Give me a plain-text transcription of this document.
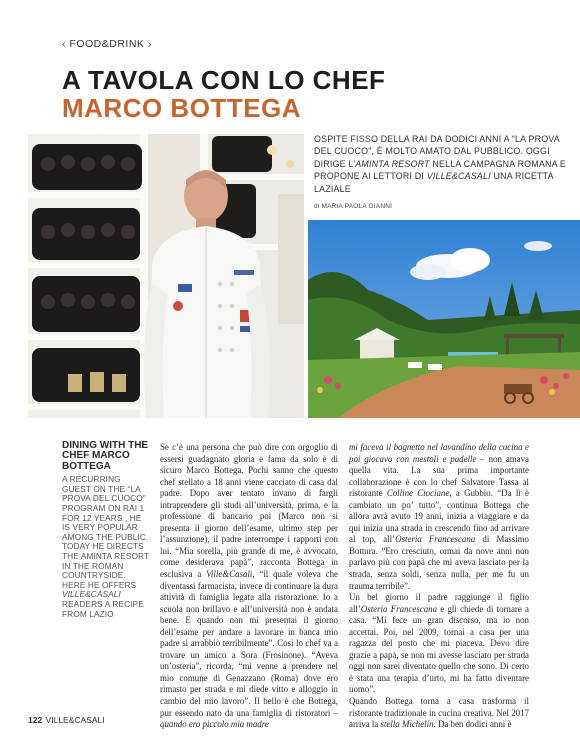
‹ FOOD&DRINK ›
A TAVOLA CON LO CHEF
MARCO BOTTEGA
OSPITE FISSO DELLA RAI DA DODICI ANNI A “LA PROVA DEL CUOCO”, È MOLTO AMATO DAL PUBBLICO. OGGI DIRIGE L’AMINTA RESORT NELLA CAMPAGNA ROMANA E PROPONE AI LETTORI DI VILLE&CASALI UNA RICETTA LAZIALE
di MARIA PAOLA GIANNI
DINING WITH THE CHEF MARCO BOTTEGA
A RECURRING GUEST ON THE “LA PROVA DEL CUOCO” PROGRAM ON RAI 1 FOR 12 YEARS , HE IS VERY POPULAR AMONG THE PUBLIC. TODAY HE DIRECTS THE AMINTA RESORT IN THE ROMAN COUNTRYSIDE. HERE HE OFFERS VILLE&CASALI READERS A RECIPE FROM LAZIO

Se c’è una persona che può dire con orgoglio di essersi guadagnato gloria e fama da solo è di sicuro Marco Bottega. Pochi sanno che questo chef stellato a 18 anni viene cacciato di casa dal padre. Dopo aver tentato invano di fargli intraprendere gli studi all’università, prima, e la professione di bancario poi (Marco non si presenta il giorno dell’esame, ultimo step per l’assunzione), il padre interrompe i rapporti con lui. “Mia sorella, più grande di me, è avvocato, come desiderava papà”, racconta Bottega in esclusiva a Ville&Casali, “il quale voleva che diventassi farmacista, invece di continuare la dura attività di famiglia legata alla ristorazione. Io a scuola non brillavo e all’università non è andata bene. E quando non mi presentai il giorno dell’esame per andare a lavorare in banca mio padre si arrabbiò terribilmente”. Così lo chef va a trovare un amico a Sora (Frosinone). “Aveva un’osteria”, ricorda, “mi venne a prendere nel mio comune di Genazzano (Roma) dove ero rimasto per strada e mi diede vitto e alloggio in cambio del mio lavoro”. Il bello è che Bottega, pur essendo nato da una famiglia di ristoratori – quando ero piccolo mia madre

mi faceva il bagnetto nel lavandino della cucina e poi giocavo con mestoli e padelle – non amava quella vita. La sua prima importante collaborazione è con lo chef Salvatore Tassa al ristorante Colline Ciociane, a Gubbio. “Da lì è cambiato un po’ tutto”, continua Bottega che allora avrà avuto 19 anni, inizia a viaggiare e da qui inizia una strada in crescendo fino ad arrivare al top, all’Osteria Francescana di Massimo Bottura. “Ero cresciuto, ormai da nove anni non parlavo più con papà che mi aveva lasciato per la strada, senza soldi, senza nulla, per me fu un trauma terribile”.

Un bel giorno il padre raggiunge il figlio all’Osteria Francescana e gli chiede di tornare a casa. “Mi fece un gran discorso, ma io non accettai. Poi, nel 2009, tornai a casa per una ragazza del posto che mi piaceva. Devo dire grazie a papà, se non mi avesse lasciato per strada oggi non sarei diventato quello che sono. Di certo è stata una terapia d’urto, mi ha fatto diventare uomo”.

Quando Bottega torna a casa trasforma il ristorante tradizionale in cucina creativa. Nel 2017 arriva la stella Michelin. Da ben dodici anni è

122 VILLE&CASALI
